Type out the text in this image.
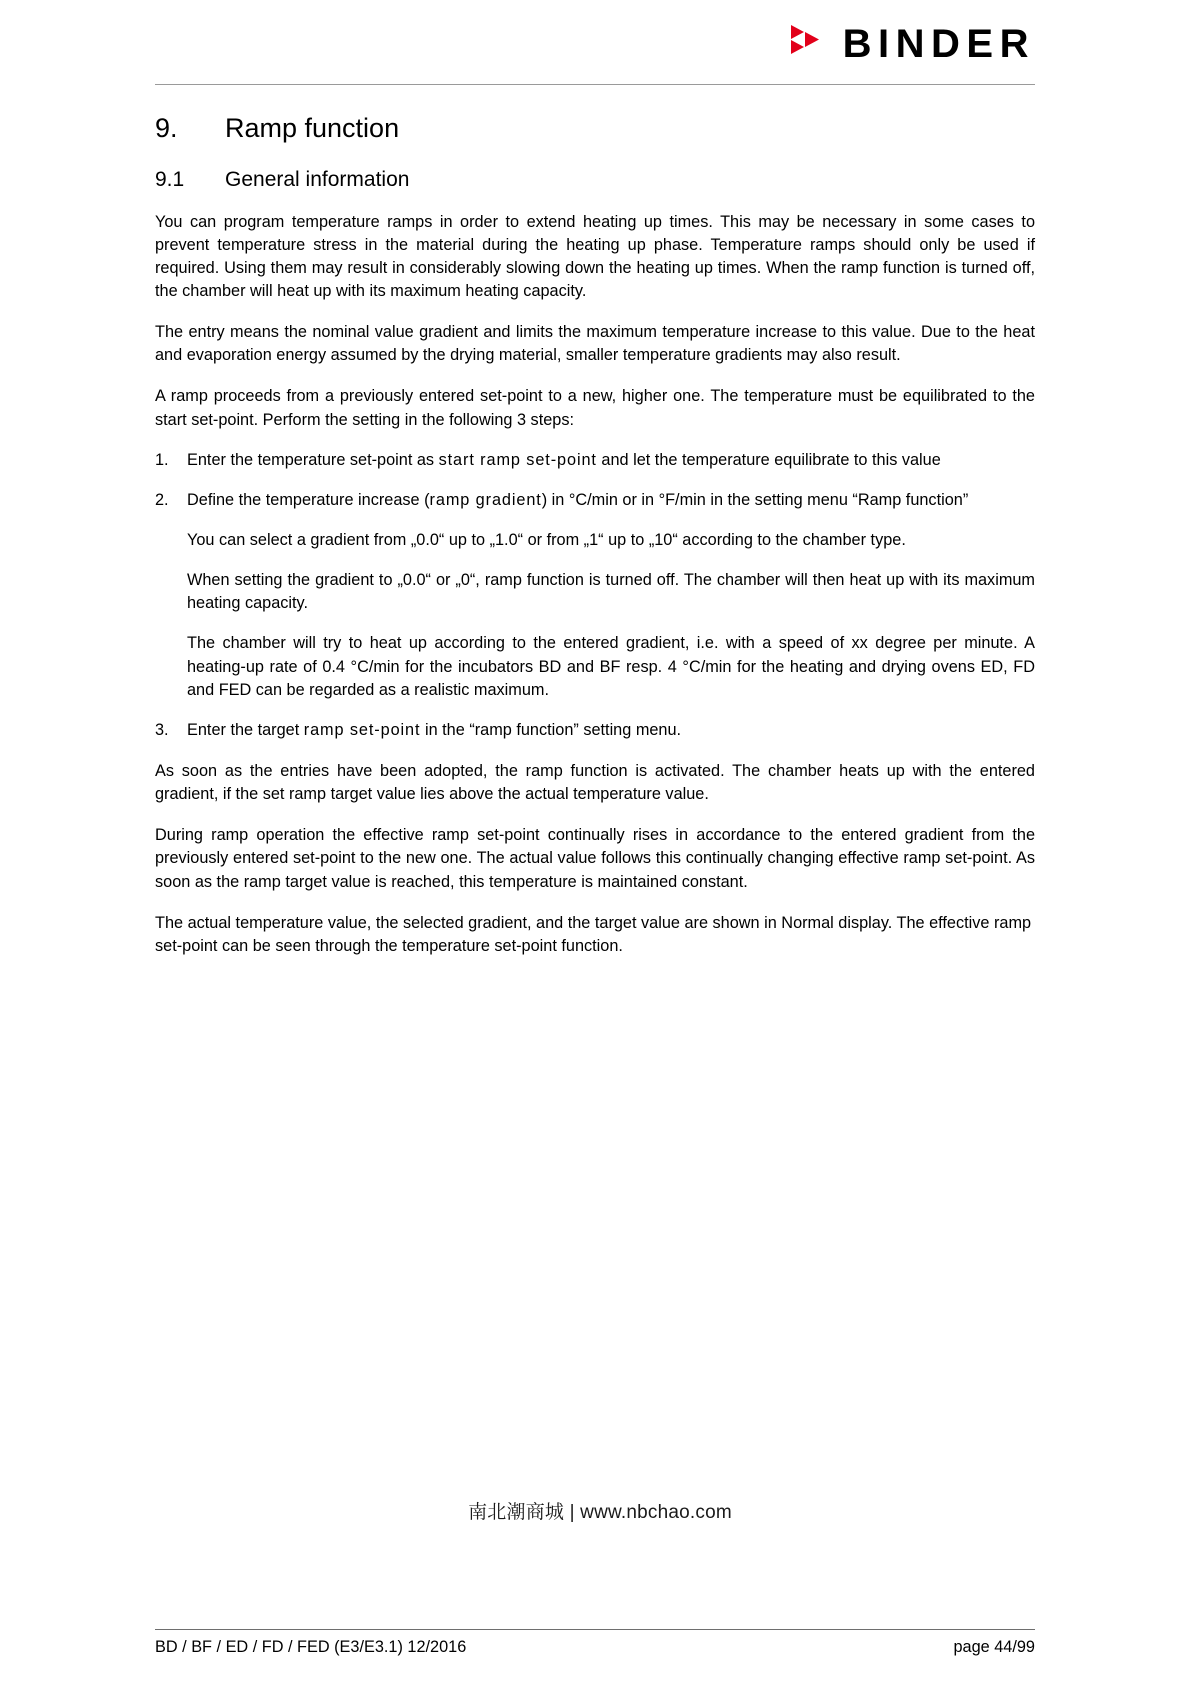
BINDER
9.	Ramp function
9.1	General information

You can program temperature ramps in order to extend heating up times. This may be necessary in some cases to prevent temperature stress in the material during the heating up phase. Temperature ramps should only be used if required. Using them may result in considerably slowing down the heating up times. When the ramp function is turned off, the chamber will heat up with its maximum heating capacity.

The entry means the nominal value gradient and limits the maximum temperature increase to this value. Due to the heat and evaporation energy assumed by the drying material, smaller temperature gradients may also result.

A ramp proceeds from a previously entered set-point to a new, higher one. The temperature must be equilibrated to the start set-point. Perform the setting in the following 3 steps:

1.	Enter the temperature set-point as start ramp set-point and let the temperature equilibrate to this value
2.	Define the temperature increase (ramp gradient) in °C/min or in °F/min in the setting menu “Ramp function”
You can select a gradient from „0.0“ up to „1.0“ or from „1“ up to „10“ according to the chamber type.
When setting the gradient to „0.0“ or „0“, ramp function is turned off. The chamber will then heat up with its maximum heating capacity.
The chamber will try to heat up according to the entered gradient, i.e. with a speed of xx degree per minute. A heating-up rate of 0.4 °C/min for the incubators BD and BF resp. 4 °C/min for the heating and drying ovens ED, FD and FED can be regarded as a realistic maximum.
3.	Enter the target ramp set-point in the “ramp function” setting menu.

As soon as the entries have been adopted, the ramp function is activated. The chamber heats up with the entered gradient, if the set ramp target value lies above the actual temperature value.

During ramp operation the effective ramp set-point continually rises in accordance to the entered gradient from the previously entered set-point to the new one. The actual value follows this continually changing effective ramp set-point. As soon as the ramp target value is reached, this temperature is maintained constant.

The actual temperature value, the selected gradient, and the target value are shown in Normal display. The effective ramp set-point can be seen through the temperature set-point function.

南北潮商城 | www.nbchao.com
BD / BF / ED / FD / FED (E3/E3.1) 12/2016	page 44/99
